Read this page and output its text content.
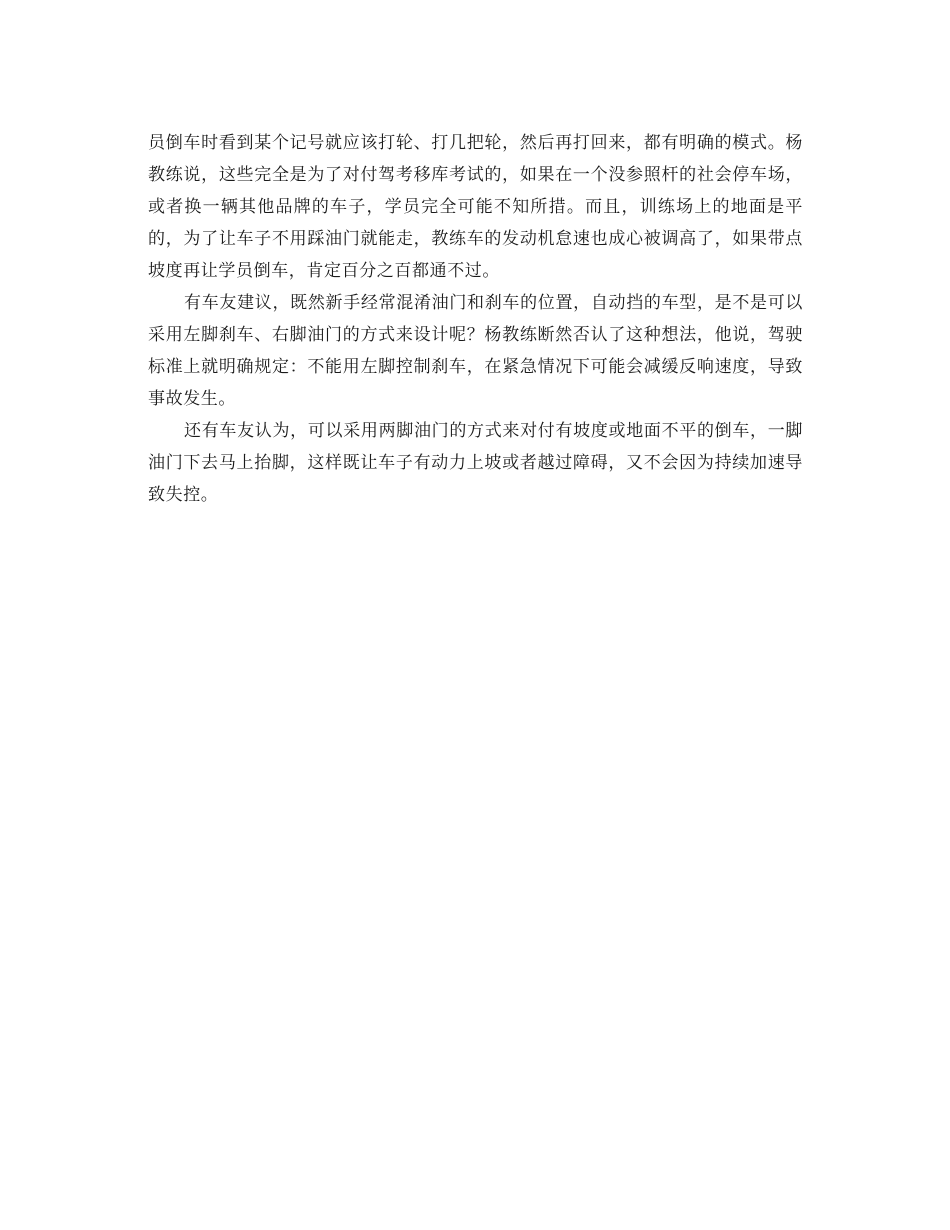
员倒车时看到某个记号就应该打轮、打几把轮，然后再打回来，都有明确的模式。杨教练说，这些完全是为了对付驾考移库考试的，如果在一个没参照杆的社会停车场，或者换一辆其他品牌的车子，学员完全可能不知所措。而且，训练场上的地面是平的，为了让车子不用踩油门就能走，教练车的发动机怠速也成心被调高了，如果带点坡度再让学员倒车，肯定百分之百都通不过。

有车友建议，既然新手经常混淆油门和刹车的位置，自动挡的车型，是不是可以采用左脚刹车、右脚油门的方式来设计呢？杨教练断然否认了这种想法，他说，驾驶标准上就明确规定：不能用左脚控制刹车，在紧急情况下可能会减缓反响速度，导致事故发生。

还有车友认为，可以采用两脚油门的方式来对付有坡度或地面不平的倒车，一脚油门下去马上抬脚，这样既让车子有动力上坡或者越过障碍，又不会因为持续加速导致失控。
